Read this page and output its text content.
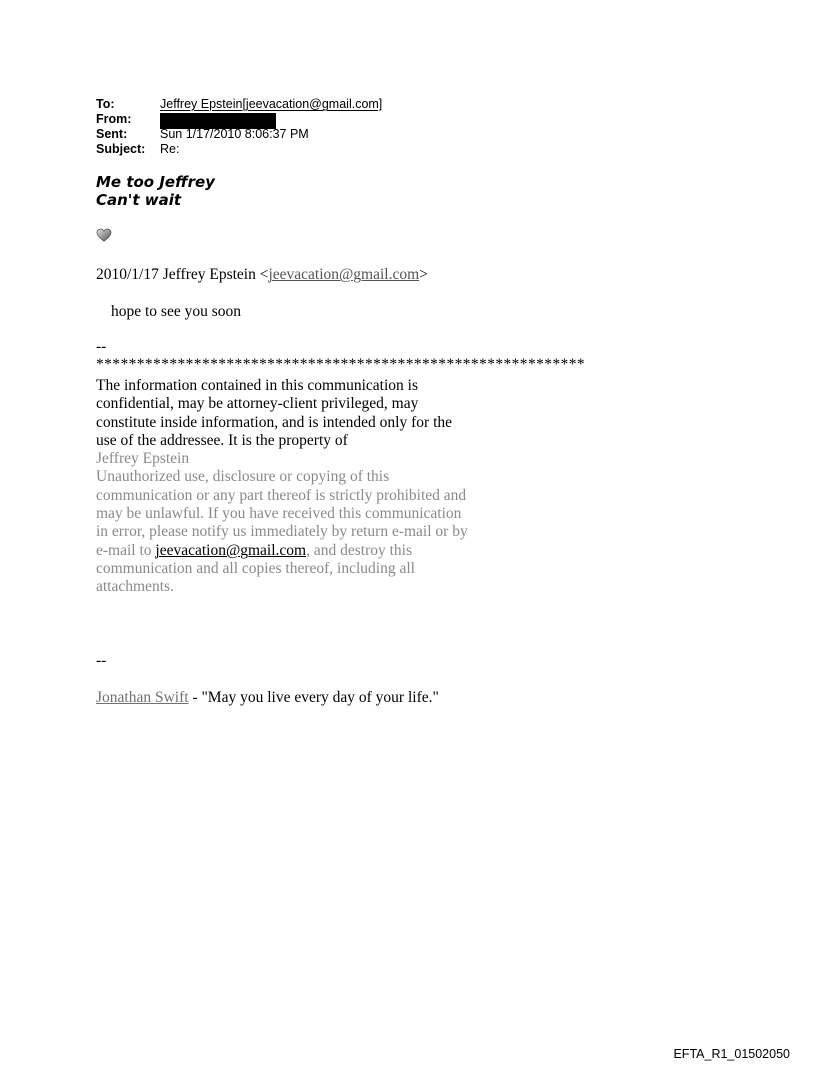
To:	Jeffrey Epstein[jeevacation@gmail.com]
From:
Sent:	Sun 1/17/2010 8:06:37 PM
Subject:	Re:
Me too Jeffrey
Can't wait
2010/1/17 Jeffrey Epstein <jeevacation@gmail.com>
hope to see you soon
--
************************************************************
The information contained in this communication is confidential, may be attorney-client privileged, may constitute inside information, and is intended only for the use of the addressee. It is the property of
Jeffrey Epstein
Unauthorized use, disclosure or copying of this communication or any part thereof is strictly prohibited and may be unlawful. If you have received this communication in error, please notify us immediately by return e-mail or by e-mail to jeevacation@gmail.com, and destroy this communication and all copies thereof, including all attachments.
--
Jonathan Swift - "May you live every day of your life."
EFTA_R1_01502050
